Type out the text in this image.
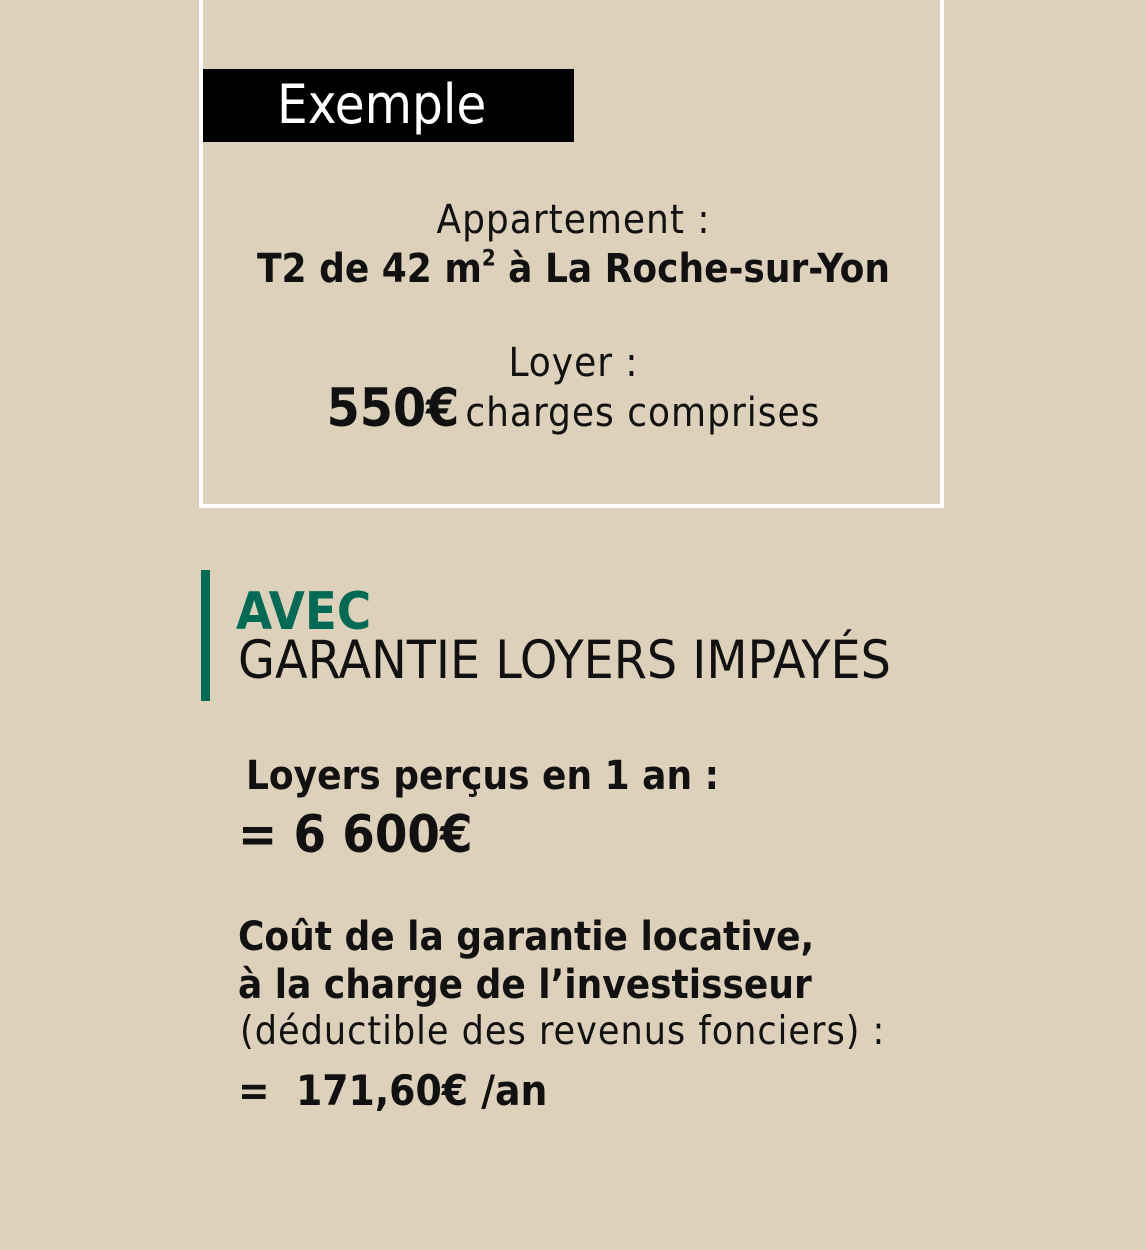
Exemple
Appartement :
T2 de 42 $m^2$ à La Roche-sur-Yon
Loyer :
550€ charges comprises
AVEC
GARANTIE LOYERS IMPAYÉS
Loyers perçus en 1 an :
= 6 600€
Coût de la garantie locative,
à la charge de l’investisseur
(déductible des revenus fonciers) :
=  171,60€ /an
